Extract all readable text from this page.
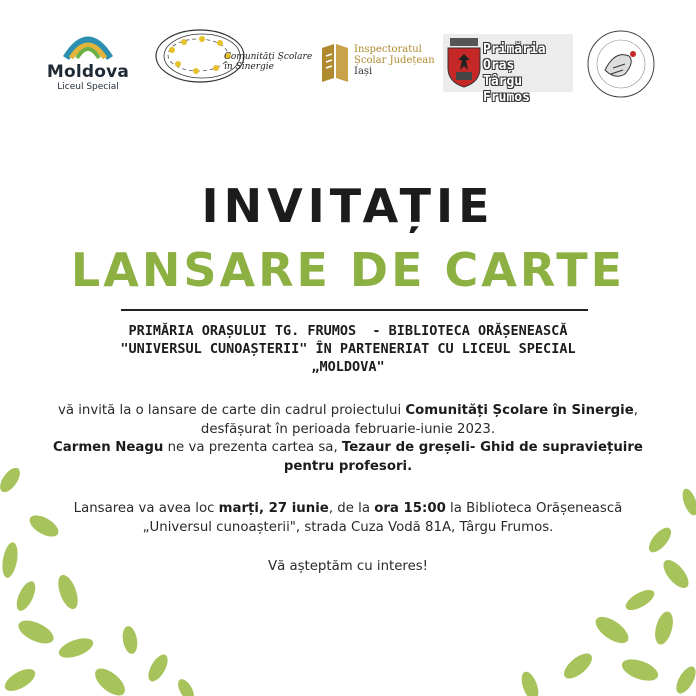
Moldova
Liceul Special
Comunități Școlare
în Sinergie
Inspectoratul
Școlar Județean
Iași
Primăria Oraș
Târgu Frumos
INVITAȚIE
LANSARE DE CARTE
PRIMĂRIA ORAȘULUI TG. FRUMOS  - BIBLIOTECA ORĂȘENEASCĂ
"UNIVERSUL CUNOAȘTERII" ÎN PARTENERIAT CU LICEUL SPECIAL
„MOLDOVA"
vă invită la o lansare de carte din cadrul proiectului Comunități Școlare în Sinergie, desfășurat în perioada februarie-iunie 2023.
Carmen Neagu ne va prezenta cartea sa, Tezaur de greșeli- Ghid de supraviețuire pentru profesori.
Lansarea va avea loc marți, 27 iunie, de la ora 15:00 la Biblioteca Orășenească „Universul cunoașterii", strada Cuza Vodă 81A, Târgu Frumos.
Vă așteptăm cu interes!
